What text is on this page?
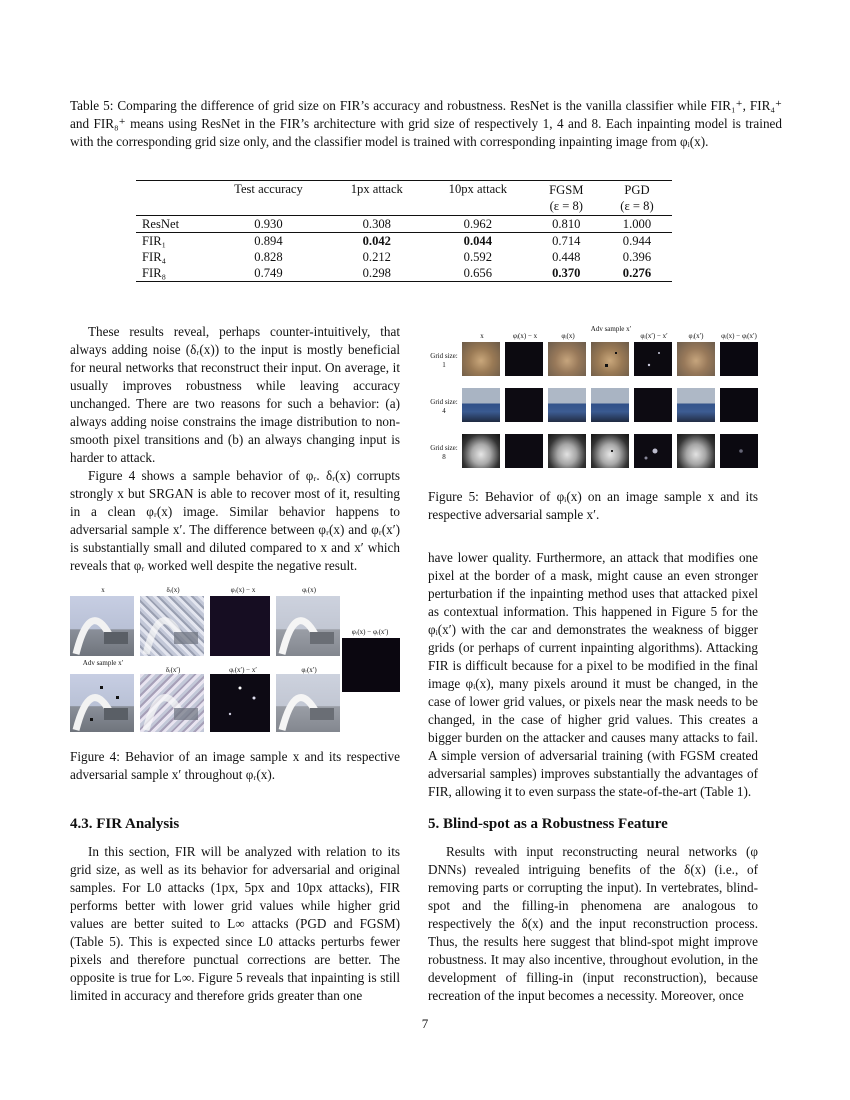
Table 5: Comparing the difference of grid size on FIR’s accuracy and robustness. ResNet is the vanilla classifier while FIR₁⁺, FIR₄⁺ and FIR₈⁺ means using ResNet in the FIR’s architecture with grid size of respectively 1, 4 and 8. Each inpainting model is trained with the corresponding grid size only, and the classifier model is trained with corresponding inpainting image from φᵢ(x).
	Test accuracy	1px attack	10px attack	FGSM	PGD
				(ε = 8)	(ε = 8)
ResNet	0.930	0.308	0.962	0.810	1.000
FIR₁	0.894	0.042	0.044	0.714	0.944
FIR₄	0.828	0.212	0.592	0.448	0.396
FIR₈	0.749	0.298	0.656	0.370	0.276

These results reveal, perhaps counter-intuitively, that always adding noise (δᵣ(x)) to the input is mostly beneficial for neural networks that reconstruct their input. On average, it usually improves robustness while leaving accuracy unchanged. There are two reasons for such a behavior: (a) always adding noise constrains the image distribution to non-smooth pixel transitions and (b) an always changing input is harder to attack.

Figure 4 shows a sample behavior of φᵣ. δᵣ(x) corrupts strongly x but SRGAN is able to recover most of it, resulting in a clean φᵣ(x) image. Similar behavior happens to adversarial sample x′. The difference between φᵣ(x) and φᵣ(x′) is substantially small and diluted compared to x and x′ which reveals that φᵣ worked well despite the negative result.

x	δᵣ(x)	φᵣ(x) − x	φᵣ(x)
φᵣ(x) − φᵣ(x′)
Adv sample x′
δᵣ(x′)	φᵣ(x′) − x′	φᵣ(x′)
Figure 4: Behavior of an image sample x and its respective adversarial sample x′ throughout φᵣ(x).
4.3. FIR Analysis

In this section, FIR will be analyzed with relation to its grid size, as well as its behavior for adversarial and original samples. For L0 attacks (1px, 5px and 10px attacks), FIR performs better with lower grid values while higher grid values are better suited to L∞ attacks (PGD and FGSM) (Table 5). This is expected since L0 attacks perturbs fewer pixels and therefore punctual corrections are better. The opposite is true for L∞. Figure 5 reveals that inpainting is still limited in accuracy and therefore grids greater than one

x	φᵢ(x) − x	φᵢ(x)
Adv sample x′
φᵢ(x′) − x′	φᵢ(x′)	φᵢ(x) − φᵢ(x′)
Grid size: 1
Grid size: 4
Grid size: 8
Figure 5: Behavior of φᵢ(x) on an image sample x and its respective adversarial sample x′.

have lower quality. Furthermore, an attack that modifies one pixel at the border of a mask, might cause an even stronger perturbation if the inpainting method uses that attacked pixel as contextual information. This happened in Figure 5 for the φᵢ(x′) with the car and demonstrates the weakness of bigger grids (or perhaps of current inpainting algorithms). Attacking FIR is difficult because for a pixel to be modified in the final image φᵢ(x), many pixels around it must be changed, in the case of lower grid values, or pixels near the mask needs to be changed, in the case of higher grid values. This creates a bigger burden on the attacker and causes many attacks to fail. A simple version of adversarial training (with FGSM created adversarial samples) improves substantially the advantages of FIR, allowing it to even surpass the state-of-the-art (Table 1).

5. Blind-spot as a Robustness Feature

Results with input reconstructing neural networks (φ DNNs) revealed intriguing benefits of the δ(x) (i.e., of removing parts or corrupting the input). In vertebrates, blind-spot and the filling-in phenomena are analogous to respectively the δ(x) and the input reconstruction process. Thus, the results here suggest that blind-spot might improve robustness. It may also incentive, throughout evolution, in the development of filling-in (input reconstruction), because recreation of the input becomes a necessity. Moreover, once

7
